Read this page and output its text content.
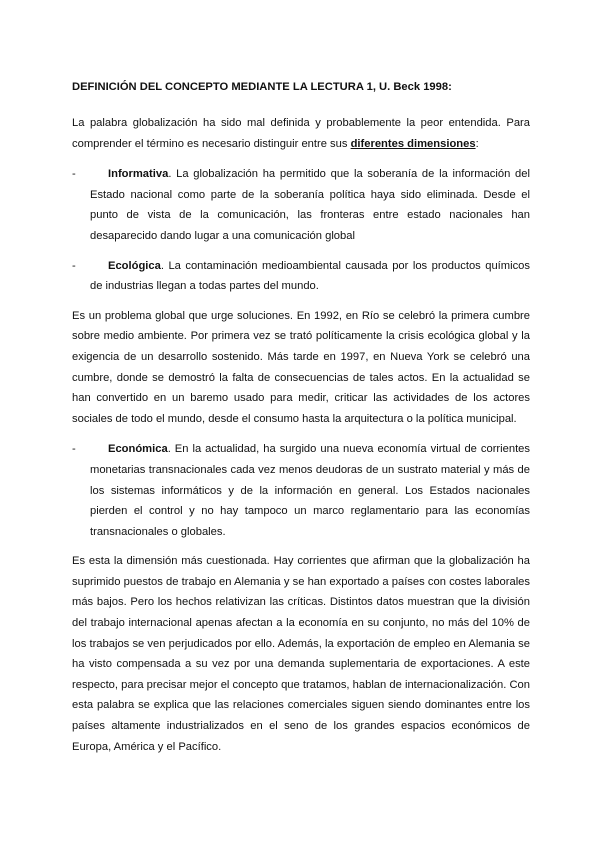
DEFINICIÓN DEL CONCEPTO MEDIANTE LA LECTURA 1, U. Beck 1998:

La palabra globalización ha sido mal definida y probablemente la peor entendida. Para comprender el término es necesario distinguir entre sus diferentes dimensiones:

-	Informativa. La globalización ha permitido que la soberanía de la información del Estado nacional como parte de la soberanía política haya sido eliminada. Desde el punto de vista de la comunicación, las fronteras entre estado nacionales han desaparecido dando lugar a una comunicación global
-	Ecológica. La contaminación medioambiental causada por los productos químicos de industrias llegan a todas partes del mundo.

Es un problema global que urge soluciones. En 1992, en Río se celebró la primera cumbre sobre medio ambiente. Por primera vez se trató políticamente la crisis ecológica global y la exigencia de un desarrollo sostenido. Más tarde en 1997, en Nueva York se celebró una cumbre, donde se demostró la falta de consecuencias de tales actos. En la actualidad se han convertido en un baremo usado para medir, criticar las actividades de los actores sociales de todo el mundo, desde el consumo hasta la arquitectura o la política municipal.

-	Económica. En la actualidad, ha surgido una nueva economía virtual de corrientes monetarias transnacionales cada vez menos deudoras de un sustrato material y más de los sistemas informáticos y de la información en general. Los Estados nacionales pierden el control y no hay tampoco un marco reglamentario para las economías transnacionales o globales.

Es esta la dimensión más cuestionada. Hay corrientes que afirman que la globalización ha suprimido puestos de trabajo en Alemania y se han exportado a países con costes laborales más bajos. Pero los hechos relativizan las críticas. Distintos datos muestran que la división del trabajo internacional apenas afectan a la economía en su conjunto, no más del 10% de los trabajos se ven perjudicados por ello. Además, la exportación de empleo en Alemania se ha visto compensada a su vez por una demanda suplementaria de exportaciones. A este respecto, para precisar mejor el concepto que tratamos, hablan de internacionalización. Con esta palabra se explica que las relaciones comerciales siguen siendo dominantes entre los países altamente industrializados en el seno de los grandes espacios económicos de Europa, América y el Pacífico.
